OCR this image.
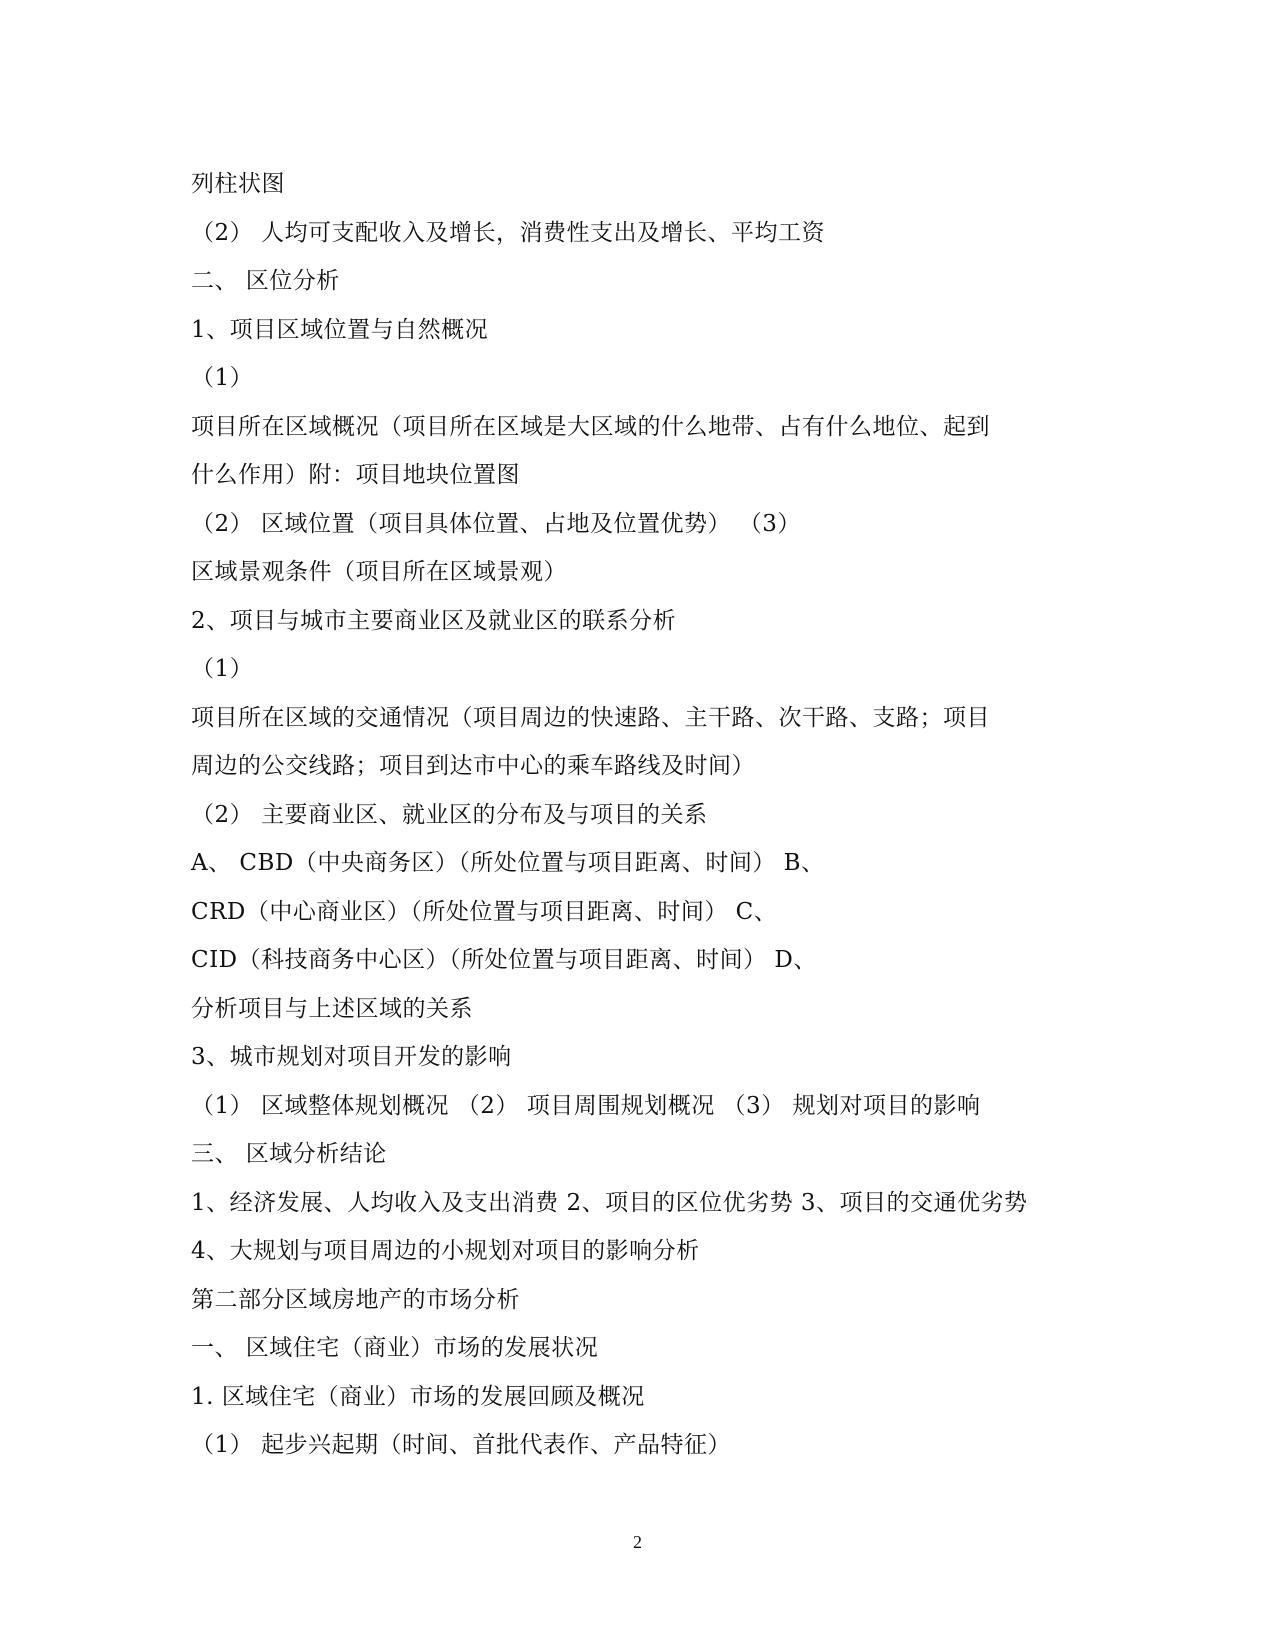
列柱状图
（2） 人均可支配收入及增长，消费性支出及增长、平均工资
二、 区位分析
1、项目区域位置与自然概况
（1）
项目所在区域概况（项目所在区域是大区域的什么地带、占有什么地位、起到
什么作用）附：项目地块位置图
（2） 区域位置（项目具体位置、占地及位置优势） （3）
区域景观条件（项目所在区域景观）
2、项目与城市主要商业区及就业区的联系分析
（1）
项目所在区域的交通情况（项目周边的快速路、主干路、次干路、支路；项目
周边的公交线路；项目到达市中心的乘车路线及时间）
（2） 主要商业区、就业区的分布及与项目的关系
A、 CBD（中央商务区）（所处位置与项目距离、时间） B、
CRD（中心商业区）（所处位置与项目距离、时间） C、
CID（科技商务中心区）（所处位置与项目距离、时间） D、
分析项目与上述区域的关系
3、城市规划对项目开发的影响
（1） 区域整体规划概况 （2） 项目周围规划概况 （3） 规划对项目的影响
三、 区域分析结论
1、经济发展、人均收入及支出消费 2、项目的区位优劣势 3、项目的交通优劣势
4、大规划与项目周边的小规划对项目的影响分析
第二部分区域房地产的市场分析
一、 区域住宅（商业）市场的发展状况
1. 区域住宅（商业）市场的发展回顾及概况
（1） 起步兴起期（时间、首批代表作、产品特征）
2
